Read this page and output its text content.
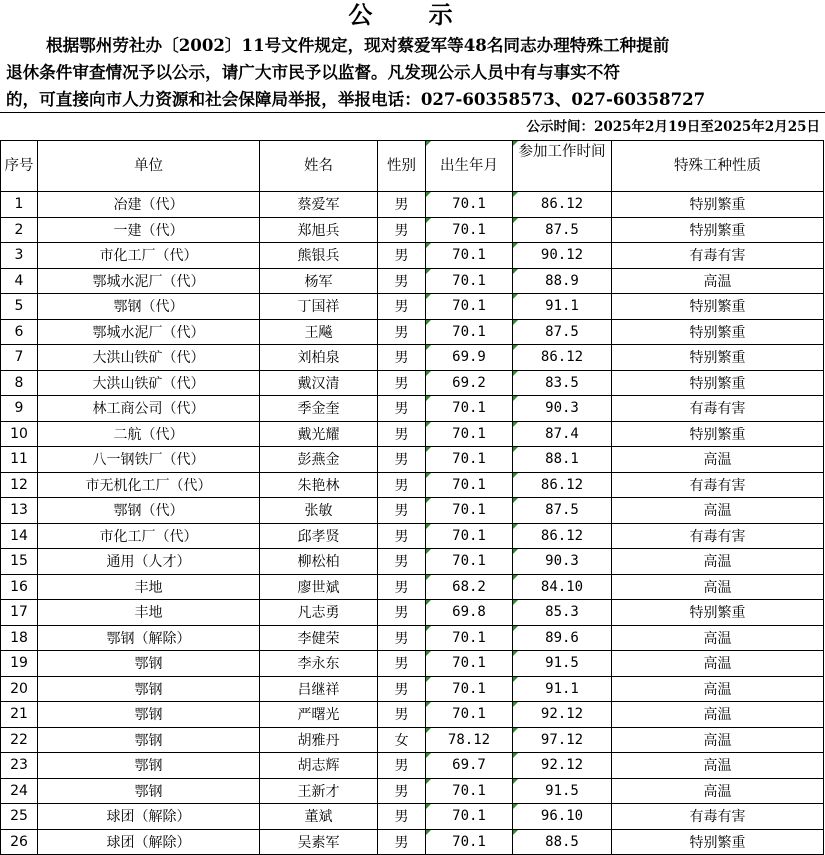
公 示
根据鄂州劳社办〔2002〕11号文件规定，现对蔡爱军等48名同志办理特殊工种提前
退休条件审查情况予以公示，请广大市民予以监督。凡发现公示人员中有与事实不符
的，可直接向市人力资源和社会保障局举报，举报电话：027-60358573、027-60358727
公示时间：2025年2月19日至2025年2月25日
序号	单位	姓名	性别	出生年月	参加工作时间	特殊工种性质
1	冶建（代）	蔡爱军	男	70.1	86.12	特别繁重
2	一建（代）	郑旭兵	男	70.1	87.5	特别繁重
3	市化工厂（代）	熊银兵	男	70.1	90.12	有毒有害
4	鄂城水泥厂（代）	杨军	男	70.1	88.9	高温
5	鄂钢（代）	丁国祥	男	70.1	91.1	特别繁重
6	鄂城水泥厂（代）	王飚	男	70.1	87.5	特别繁重
7	大洪山铁矿（代）	刘柏泉	男	69.9	86.12	特别繁重
8	大洪山铁矿（代）	戴汉清	男	69.2	83.5	特别繁重
9	林工商公司（代）	季金奎	男	70.1	90.3	有毒有害
10	二航（代）	戴光耀	男	70.1	87.4	特别繁重
11	八一钢铁厂（代）	彭燕金	男	70.1	88.1	高温
12	市无机化工厂（代）	朱艳林	男	70.1	86.12	有毒有害
13	鄂钢（代）	张敏	男	70.1	87.5	高温
14	市化工厂（代）	邱孝贤	男	70.1	86.12	有毒有害
15	通用（人才）	柳松柏	男	70.1	90.3	高温
16	丰地	廖世斌	男	68.2	84.10	高温
17	丰地	凡志勇	男	69.8	85.3	特别繁重
18	鄂钢（解除）	李健荣	男	70.1	89.6	高温
19	鄂钢	李永东	男	70.1	91.5	高温
20	鄂钢	吕继祥	男	70.1	91.1	高温
21	鄂钢	严曙光	男	70.1	92.12	高温
22	鄂钢	胡雅丹	女	78.12	97.12	高温
23	鄂钢	胡志辉	男	69.7	92.12	高温
24	鄂钢	王新才	男	70.1	91.5	高温
25	球团（解除）	董斌	男	70.1	96.10	有毒有害
26	球团（解除）	吴素军	男	70.1	88.5	特别繁重
